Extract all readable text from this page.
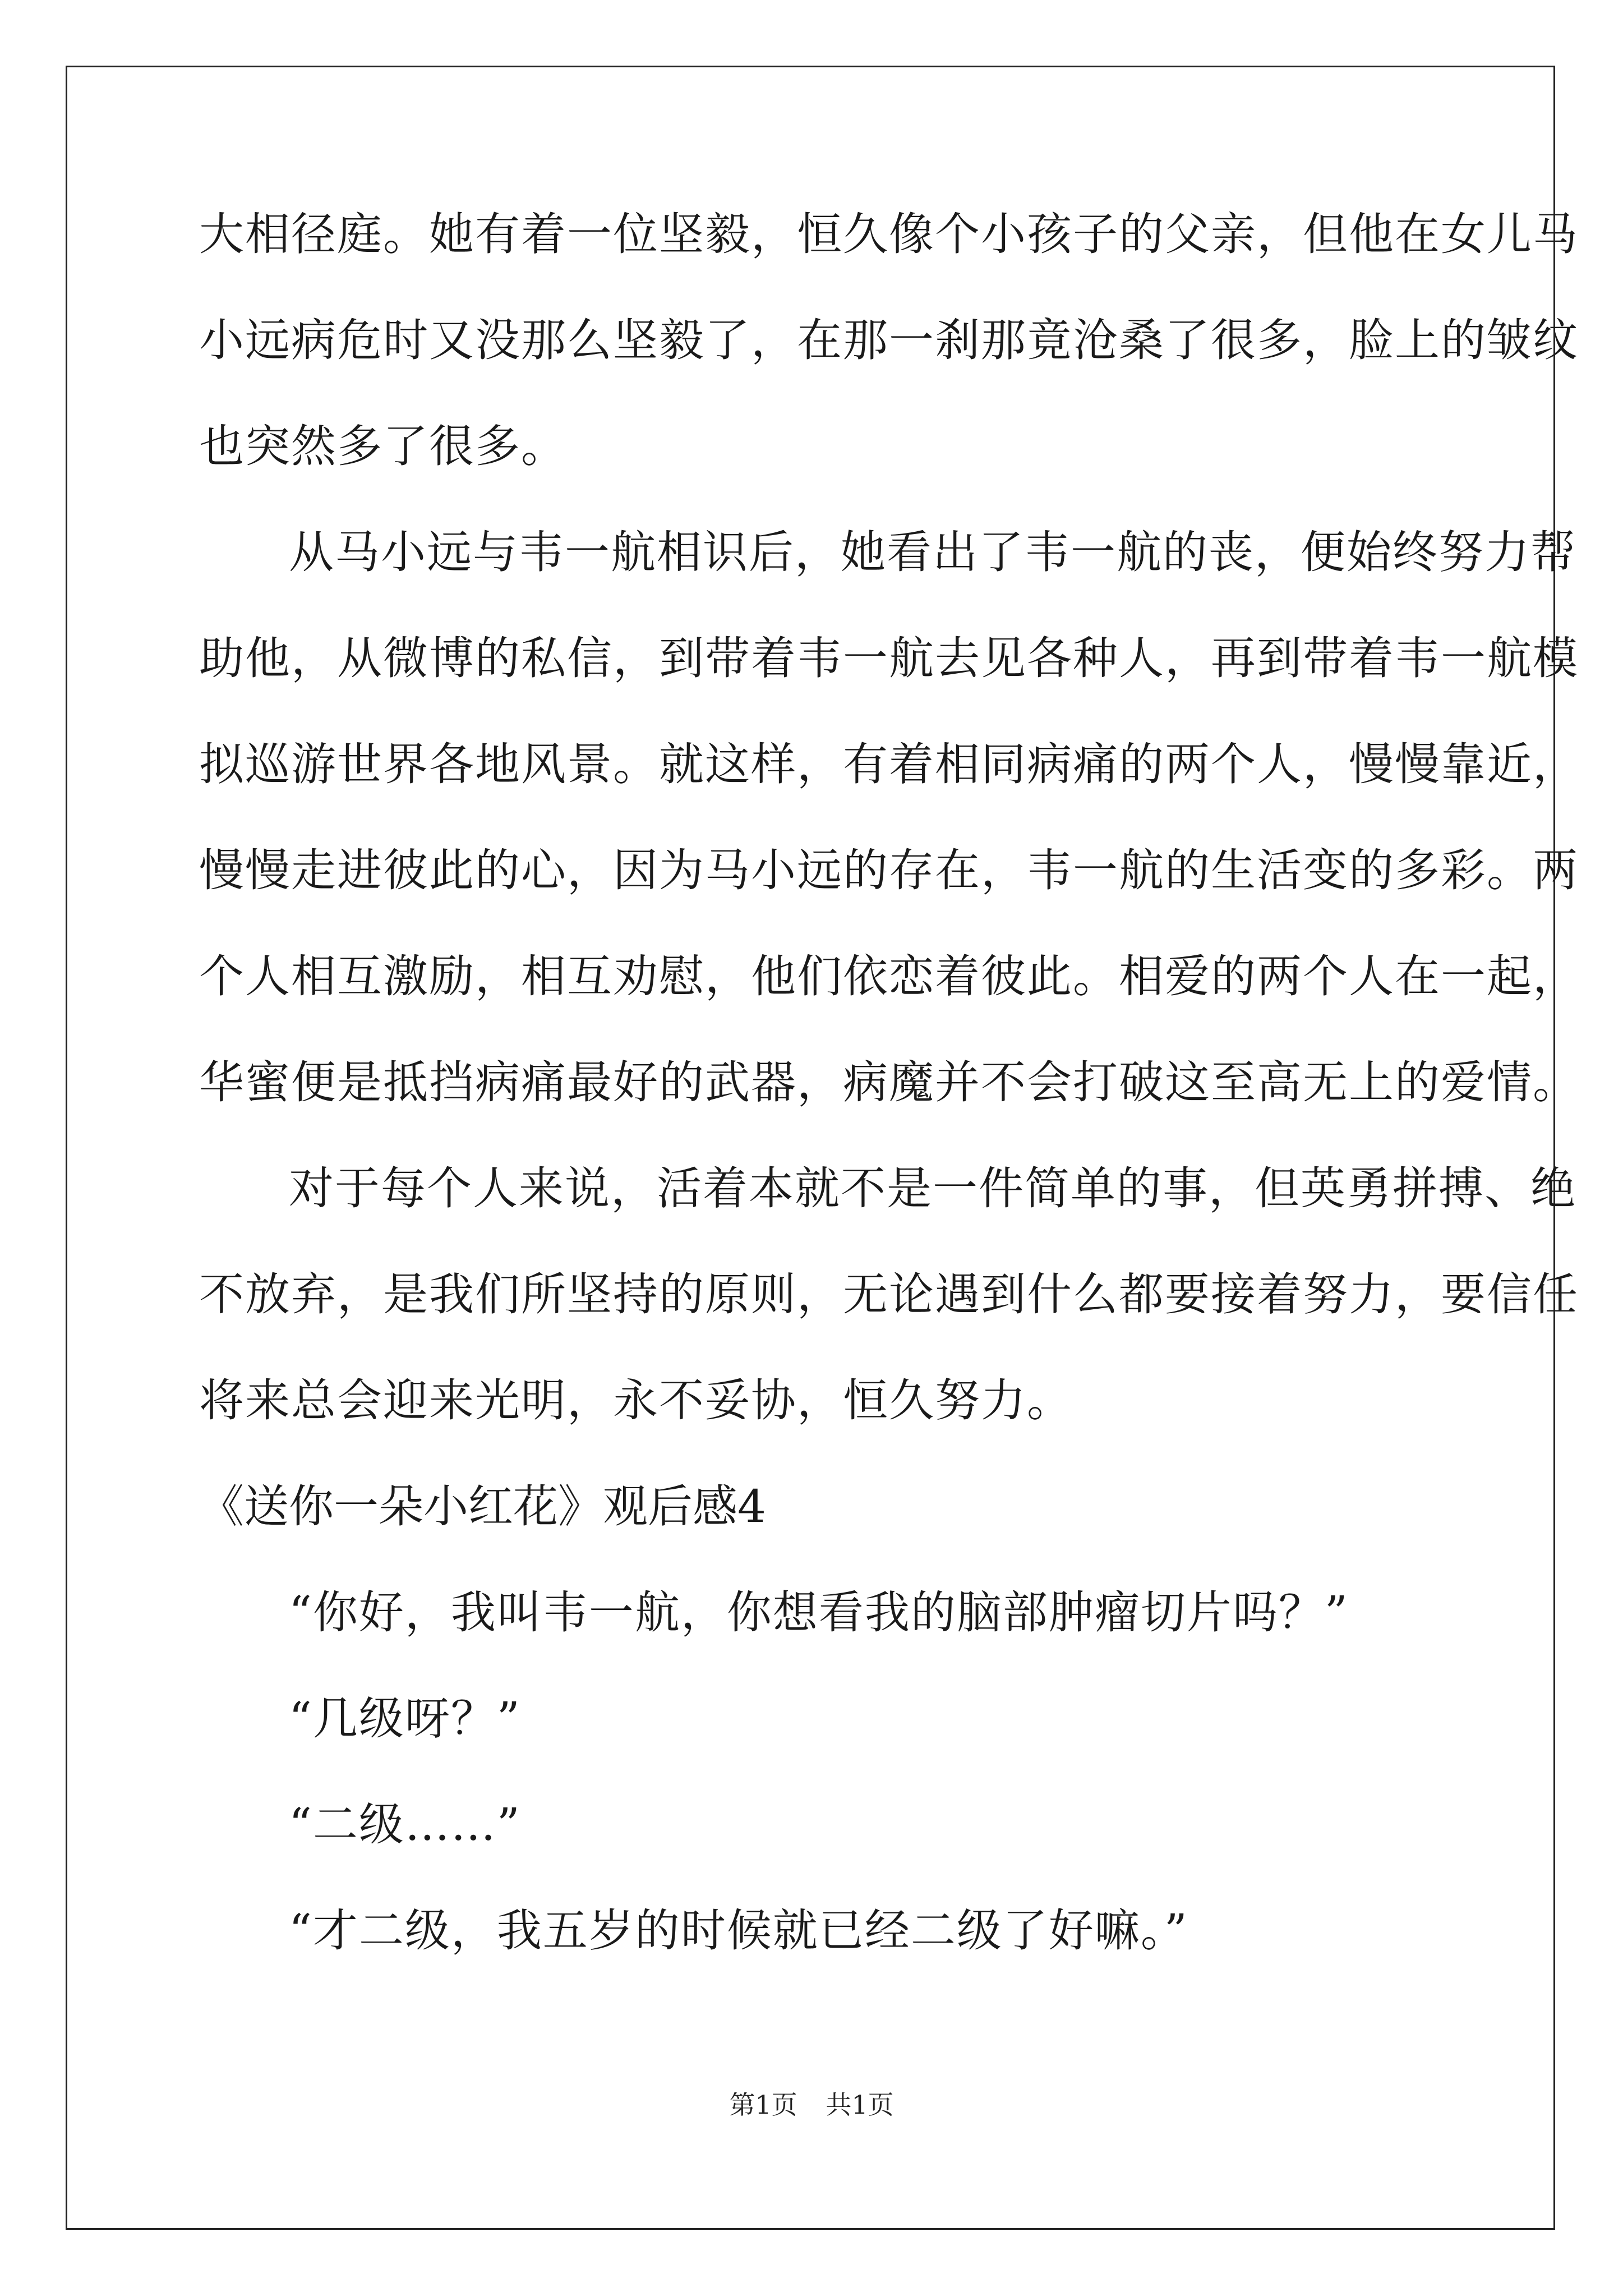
大相径庭。她有着一位坚毅，恒久像个小孩子的父亲，但他在女儿马
小远病危时又没那么坚毅了，在那一刹那竟沧桑了很多，脸上的皱纹
也突然多了很多。
从马小远与韦一航相识后，她看出了韦一航的丧，便始终努力帮
助他，从微博的私信，到带着韦一航去见各种人，再到带着韦一航模
拟巡游世界各地风景。就这样，有着相同病痛的两个人，慢慢靠近，
慢慢走进彼此的心，因为马小远的存在，韦一航的生活变的多彩。两
个人相互激励，相互劝慰，他们依恋着彼此。相爱的两个人在一起，
华蜜便是抵挡病痛最好的武器，病魔并不会打破这至高无上的爱情。
对于每个人来说，活着本就不是一件简单的事，但英勇拼搏、绝
不放弃，是我们所坚持的原则，无论遇到什么都要接着努力，要信任
将来总会迎来光明，永不妥协，恒久努力。
《送你一朵小红花》观后感4
“你好，我叫韦一航，你想看我的脑部肿瘤切片吗？”
“几级呀？”
“二级……”
“才二级，我五岁的时候就已经二级了好嘛。”
第1页 共1页
